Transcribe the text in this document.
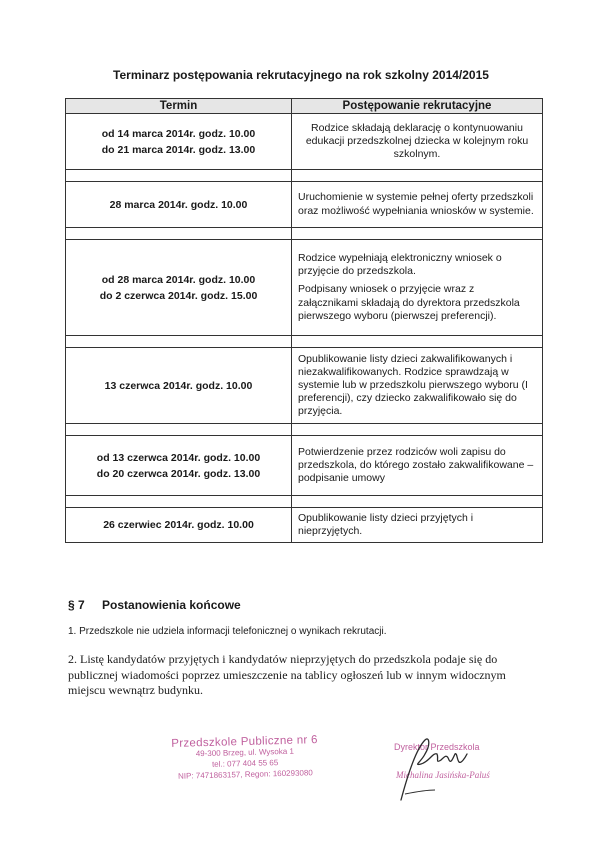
Terminarz postępowania rekrutacyjnego na rok szkolny 2014/2015
Termin	Postępowanie rekrutacyjne

od 14 marca 2014r. godz. 10.00
do 21 marca 2014r. godz. 13.00	Rodzice składają deklarację o kontynuowaniu edukacji przedszkolnej dziecka w kolejnym roku szkolnym.

28 marca 2014r. godz. 10.00	Uruchomienie w systemie pełnej oferty przedszkoli oraz możliwość wypełniania wniosków w systemie.

od 28 marca 2014r. godz. 10.00
do 2 czerwca 2014r. godz. 15.00	Rodzice wypełniają elektroniczny wniosek o przyjęcie do przedszkola.
Podpisany wniosek o przyjęcie wraz z załącznikami składają do dyrektora przedszkola pierwszego wyboru (pierwszej preferencji).

13 czerwca 2014r. godz. 10.00	Opublikowanie listy dzieci zakwalifikowanych i niezakwalifikowanych. Rodzice sprawdzają w systemie lub w przedszkolu pierwszego wyboru (I preferencji), czy dziecko zakwalifikowało się do przyjęcia.

od 13 czerwca 2014r. godz. 10.00
do 20 czerwca 2014r. godz. 13.00	Potwierdzenie przez rodziców woli zapisu do przedszkola, do którego zostało zakwalifikowane – podpisanie umowy

26 czerwiec 2014r. godz. 10.00	Opublikowanie listy dzieci przyjętych i nieprzyjętych.
§ 7 Postanowienia końcowe
1. Przedszkole nie udziela informacji telefonicznej o wynikach rekrutacji.
2. Listę kandydatów przyjętych i kandydatów nieprzyjętych do przedszkola podaje się do publicznej wiadomości poprzez umieszczenie na tablicy ogłoszeń lub w innym widocznym miejscu wewnątrz budynku.
Przedszkole Publiczne nr 6
49-300 Brzeg, ul. Wysoka 1
tel.: 077 404 55 65
NIP: 7471863157, Regon: 160293080
Dyrektor Przedszkola
Michalina Jasińska-Paluś
